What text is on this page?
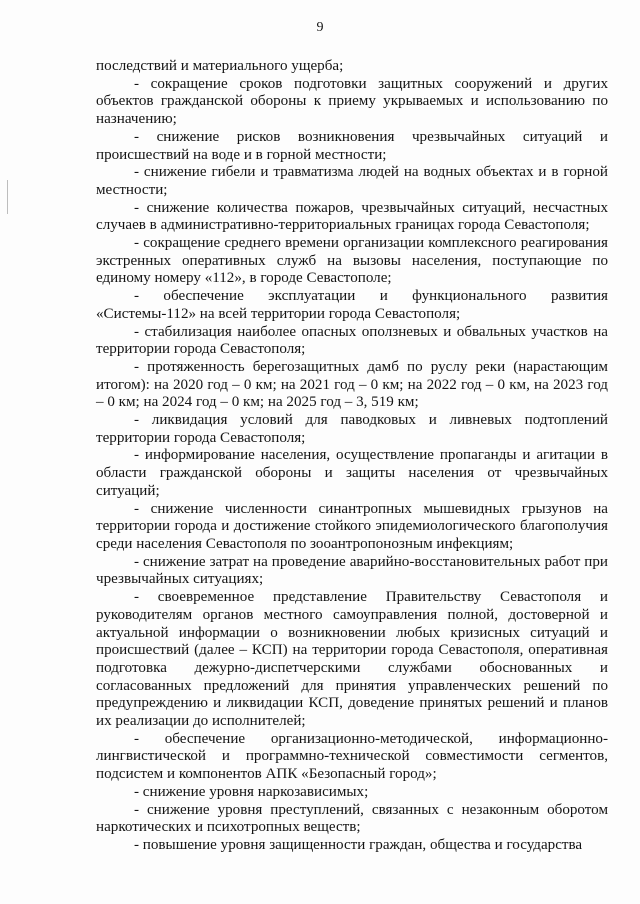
9

последствий и материального ущерба;

- сокращение сроков подготовки защитных сооружений и других объектов гражданской обороны к приему укрываемых и использованию по назначению;

- снижение рисков возникновения чрезвычайных ситуаций и происшествий на воде и в горной местности;

- снижение гибели и травматизма людей на водных объектах и в горной местности;

- снижение количества пожаров, чрезвычайных ситуаций, несчастных случаев в административно-территориальных границах города Севастополя;

- сокращение среднего времени организации комплексного реагирования экстренных оперативных служб на вызовы населения, поступающие по единому номеру «112», в городе Севастополе;

- обеспечение эксплуатации и функционального развития «Системы-112» на всей территории города Севастополя;

- стабилизация наиболее опасных оползневых и обвальных участков на территории города Севастополя;

- протяженность берегозащитных дамб по руслу реки (нарастающим итогом): на 2020 год – 0 км; на 2021 год – 0 км; на 2022 год – 0 км, на 2023 год – 0 км; на 2024 год – 0 км; на 2025 год – 3, 519 км;

- ликвидация условий для паводковых и ливневых подтоплений территории города Севастополя;

- информирование населения, осуществление пропаганды и агитации в области гражданской обороны и защиты населения от чрезвычайных ситуаций;

- снижение численности синантропных мышевидных грызунов на территории города и достижение стойкого эпидемиологического благополучия среди населения Севастополя по зооантропонозным инфекциям;

- снижение затрат на проведение аварийно-восстановительных работ при чрезвычайных ситуациях;

- своевременное представление Правительству Севастополя и руководителям органов местного самоуправления полной, достоверной и актуальной информации о возникновении любых кризисных ситуаций и происшествий (далее – КСП) на территории города Севастополя, оперативная подготовка дежурно-диспетчерскими службами обоснованных и согласованных предложений для принятия управленческих решений по предупреждению и ликвидации КСП, доведение принятых решений и планов их реализации до исполнителей;

- обеспечение организационно-методической, информационно-лингвистической и программно-технической совместимости сегментов, подсистем и компонентов АПК «Безопасный город»;

- снижение уровня наркозависимых;

- снижение уровня преступлений, связанных с незаконным оборотом наркотических и психотропных веществ;

- повышение уровня защищенности граждан, общества и государства
